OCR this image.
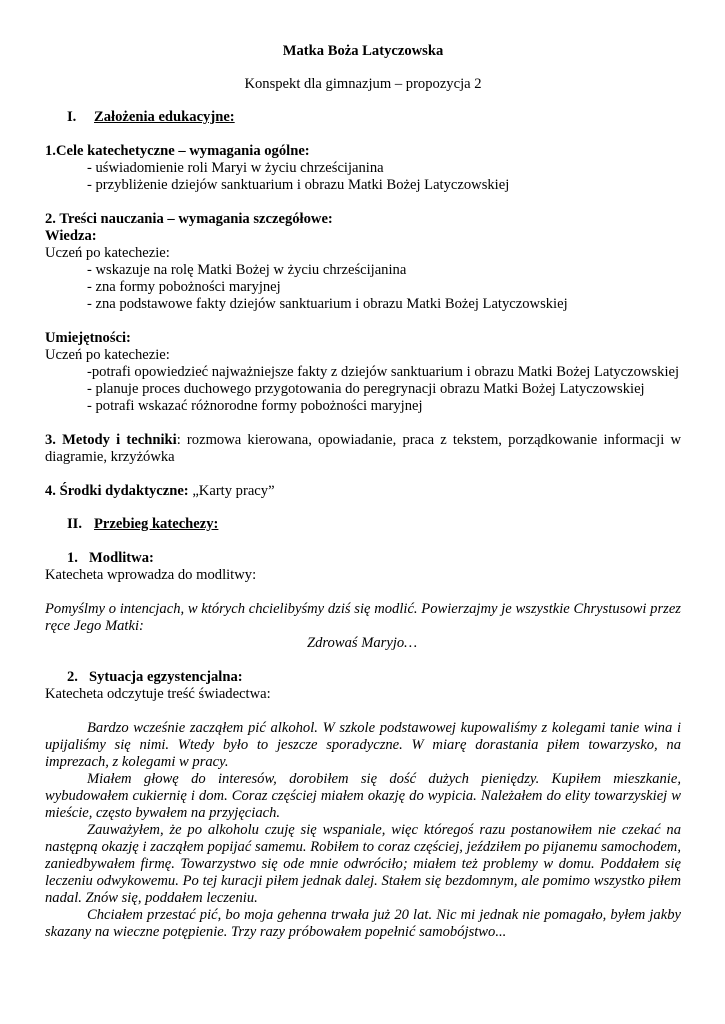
Matka Boża Latyczowska
Konspekt dla gimnazjum – propozycja 2
I. Założenia edukacyjne:
1.Cele katechetyczne – wymagania ogólne:
- uświadomienie roli Maryi w życiu chrześcijanina
- przybliżenie dziejów sanktuarium i obrazu Matki Bożej Latyczowskiej
2. Treści nauczania – wymagania szczegółowe:
Wiedza:
Uczeń po katechezie:
- wskazuje na rolę Matki Bożej w życiu chrześcijanina
- zna formy pobożności maryjnej
- zna podstawowe fakty dziejów sanktuarium i obrazu Matki Bożej Latyczowskiej
Umiejętności:
Uczeń po katechezie:
-potrafi opowiedzieć najważniejsze fakty z dziejów sanktuarium i obrazu Matki Bożej Latyczowskiej
- planuje proces duchowego przygotowania do peregrynacji obrazu Matki Bożej Latyczowskiej
- potrafi wskazać różnorodne formy pobożności maryjnej
3. Metody i techniki: rozmowa kierowana, opowiadanie, praca z tekstem, porządkowanie informacji w diagramie, krzyżówka
4. Środki dydaktyczne: „Karty pracy”
II. Przebieg katechezy:
1. Modlitwa:
Katecheta wprowadza do modlitwy:
Pomyślmy o intencjach, w których chcielibyśmy dziś się modlić. Powierzajmy je wszystkie Chrystusowi przez ręce Jego Matki:
Zdrowaś Maryjo…
2. Sytuacja egzystencjalna:
Katecheta odczytuje treść świadectwa:
Bardzo wcześnie zacząłem pić alkohol. W szkole podstawowej kupowaliśmy z kolegami tanie wina i upijaliśmy się nimi. Wtedy było to jeszcze sporadyczne. W miarę dorastania piłem towarzysko, na imprezach, z kolegami w pracy.
Miałem głowę do interesów, dorobiłem się dość dużych pieniędzy. Kupiłem mieszkanie, wybudowałem cukiernię i dom. Coraz częściej miałem okazję do wypicia. Należałem do elity towarzyskiej w mieście, często bywałem na przyjęciach.
Zauważyłem, że po alkoholu czuję się wspaniale, więc któregoś razu postanowiłem nie czekać na następną okazję i zacząłem popijać samemu. Robiłem to coraz częściej, jeździłem po pijanemu samochodem, zaniedbywałem firmę. Towarzystwo się ode mnie odwróciło; miałem też problemy w domu. Poddałem się leczeniu odwykowemu. Po tej kuracji piłem jednak dalej. Stałem się bezdomnym, ale pomimo wszystko piłem nadal. Znów się, poddałem leczeniu.
Chciałem przestać pić, bo moja gehenna trwała już 20 lat. Nic mi jednak nie pomagało, byłem jakby skazany na wieczne potępienie. Trzy razy próbowałem popełnić samobójstwo...
